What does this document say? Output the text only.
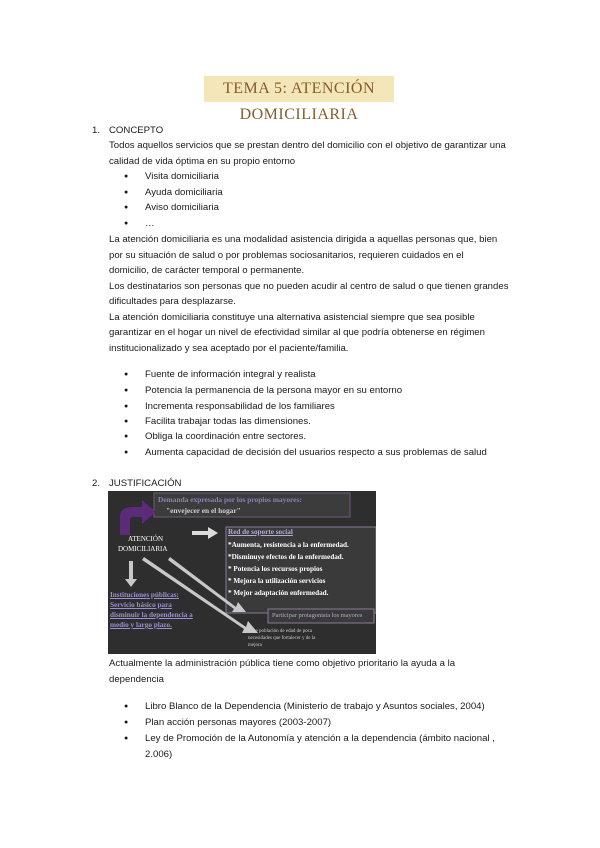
TEMA 5: ATENCIÓN DOMICILIARIA
1. CONCEPTO
Todos aquellos servicios que se prestan dentro del domicilio con el objetivo de garantizar una
calidad de vida óptima en su propio entorno
● Visita domiciliaria
● Ayuda domiciliaria
● Aviso domiciliaria
● …
La atención domiciliaria es una modalidad asistencia dirigida a aquellas personas que, bien
por su situación de salud o por problemas sociosanitarios, requieren cuidados en el
domicilio, de carácter temporal o permanente.
Los destinatarios son personas que no pueden acudir al centro de salud o que tienen grandes
dificultades para desplazarse.
La atención domiciliaria constituye una alternativa asistencial siempre que sea posible
garantizar en el hogar un nivel de efectividad similar al que podría obtenerse en régimen
institucionalizado y sea aceptado por el paciente/familia.
● Fuente de información integral y realista
● Potencia la permanencia de la persona mayor en su entorno
● Incrementa responsabilidad de los familiares
● Facilita trabajar todas las dimensiones.
● Obliga la coordinación entre sectores.
● Aumenta capacidad de decisión del usuarios respecto a sus problemas de salud
2. JUSTIFICACIÓN
Demanda expresada por los propios mayores:
"envejecer en el hogar"
ATENCIÓN
DOMICILIARIA
Red de soporte social
*Aumenta, resistencia a la enfermedad.
*Disminuye efectos de la enfermedad.
* Potencia los recursos propios
* Mejora la utilización servicios
* Mejor adaptación enfermedad.
Instituciones públicas:
Servicio básico para
disminuir la dependencia a
medio y largo plazo.
Participar protagonista los mayores
Ante población de edad de poca
necesidades que fortalecer y de la
mejora
Actualmente la administración pública tiene como objetivo prioritario la ayuda a la
dependencia
● Libro Blanco de la Dependencia (Ministerio de trabajo y Asuntos sociales, 2004)
● Plan acción personas mayores (2003-2007)
● Ley de Promoción de la Autonomía y atención a la dependencia (ámbito nacional ,
2.006)
